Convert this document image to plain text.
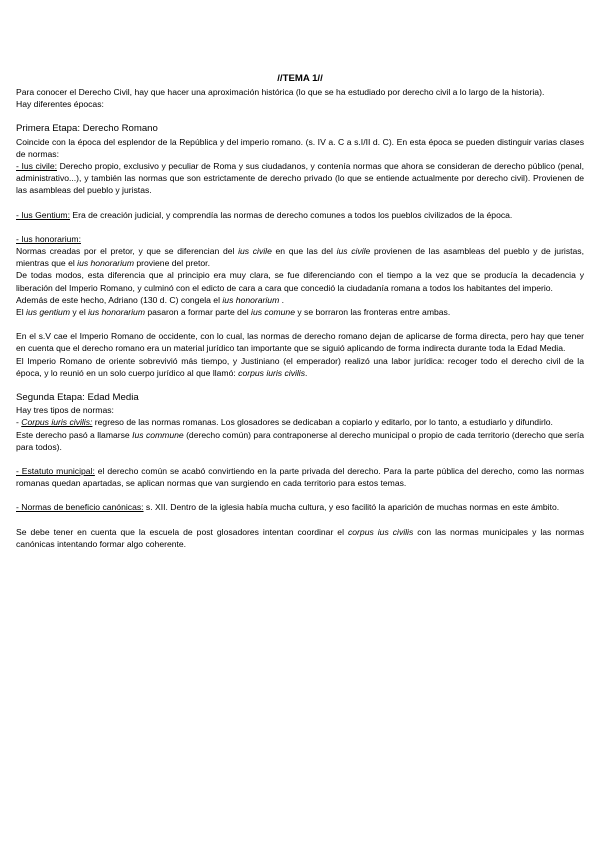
//TEMA 1//

Para conocer el Derecho Civil, hay que hacer una aproximación histórica (lo que se ha estudiado por derecho civil a lo largo de la historia).

Hay diferentes épocas:

Primera Etapa: Derecho Romano

Coincide con la época del esplendor de la República y del imperio romano. (s. IV a. C a s.I/II d. C). En esta época se pueden distinguir varias clases de normas:

- Ius civile: Derecho propio, exclusivo y peculiar de Roma y sus ciudadanos, y contenía normas que ahora se consideran de derecho público (penal, administrativo...), y también las normas que son estrictamente de derecho privado (lo que se entiende actualmente por derecho civil). Provienen de las asambleas del pueblo y juristas.

- Ius Gentium: Era de creación judicial, y comprendía las normas de derecho comunes a todos los pueblos civilizados de la época.

- Ius honorarium:

Normas creadas por el pretor, y que se diferencian del ius civile en que las del ius civile provienen de las asambleas del pueblo y de juristas, mientras que el ius honorarium proviene del pretor.

De todas modos, esta diferencia que al principio era muy clara, se fue diferenciando con el tiempo a la vez que se producía la decadencia y liberación del Imperio Romano, y culminó con el edicto de cara a cara que concedió la ciudadanía romana a todos los habitantes del imperio.

Además de este hecho, Adriano (130 d. C) congela el ius honorarium .

El ius gentium y el ius honorarium pasaron a formar parte del ius comune y se borraron las fronteras entre ambas.

En el s.V cae el Imperio Romano de occidente, con lo cual, las normas de derecho romano dejan de aplicarse de forma directa, pero hay que tener en cuenta que el derecho romano era un material jurídico tan importante que se siguió aplicando de forma indirecta durante toda la Edad Media.

El Imperio Romano de oriente sobrevivió más tiempo, y Justiniano (el emperador) realizó una labor jurídica: recoger todo el derecho civil de la época, y lo reunió en un solo cuerpo jurídico al que llamó: corpus iuris civilis.

Segunda Etapa: Edad Media

Hay tres tipos de normas:

- Corpus iuris civilis: regreso de las normas romanas. Los glosadores se dedicaban a copiarlo y editarlo, por lo tanto, a estudiarlo y difundirlo.

Este derecho pasó a llamarse Ius commune (derecho común) para contraponerse al derecho municipal o propio de cada territorio (derecho que sería para todos).

- Estatuto municipal: el derecho común se acabó convirtiendo en la parte privada del derecho. Para la parte pública del derecho, como las normas romanas quedan apartadas, se aplican normas que van surgiendo en cada territorio para estos temas.

- Normas de beneficio canónicas: s. XII. Dentro de la iglesia había mucha cultura, y eso facilitó la aparición de muchas normas en este ámbito.

Se debe tener en cuenta que la escuela de post glosadores intentan coordinar el corpus ius civilis con las normas municipales y las normas canónicas intentando formar algo coherente.
